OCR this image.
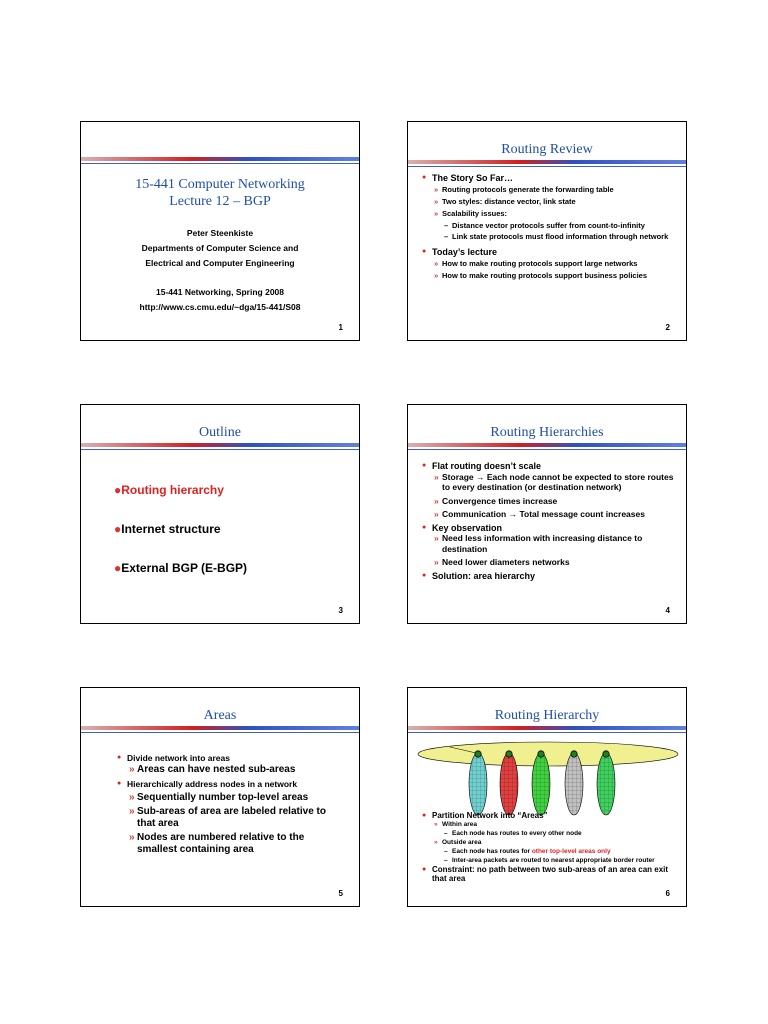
15-441 Computer Networking
Lecture 12 – BGP
Peter Steenkiste
Departments of Computer Science and
Electrical and Computer Engineering
15-441 Networking, Spring 2008
http://www.cs.cmu.edu/~dga/15-441/S08
1
Routing Review
● The Story So Far…
» Routing protocols generate the forwarding table
» Two styles: distance vector, link state
» Scalability issues:
– Distance vector protocols suffer from count-to-infinity
– Link state protocols must flood information through network
● Today’s lecture
» How to make routing protocols support large networks
» How to make routing protocols support business policies
2
Outline
●Routing hierarchy
●Internet structure
●External BGP (E-BGP)
3
Routing Hierarchies
● Flat routing doesn’t scale
» Storage → Each node cannot be expected to store routes to every destination (or destination network)
» Convergence times increase
» Communication → Total message count increases
● Key observation
» Need less information with increasing distance to destination
» Need lower diameters networks
● Solution: area hierarchy
4
Areas
● Divide network into areas
» Areas can have nested sub-areas
● Hierarchically address nodes in a network
» Sequentially number top-level areas
» Sub-areas of area are labeled relative to that area
» Nodes are numbered relative to the smallest containing area
5
Routing Hierarchy
● Partition Network into “Areas”
» Within area
– Each node has routes to every other node
» Outside area
– Each node has routes for other top-level areas only
– Inter-area packets are routed to nearest appropriate border router
● Constraint: no path between two sub-areas of an area can exit that area
6
